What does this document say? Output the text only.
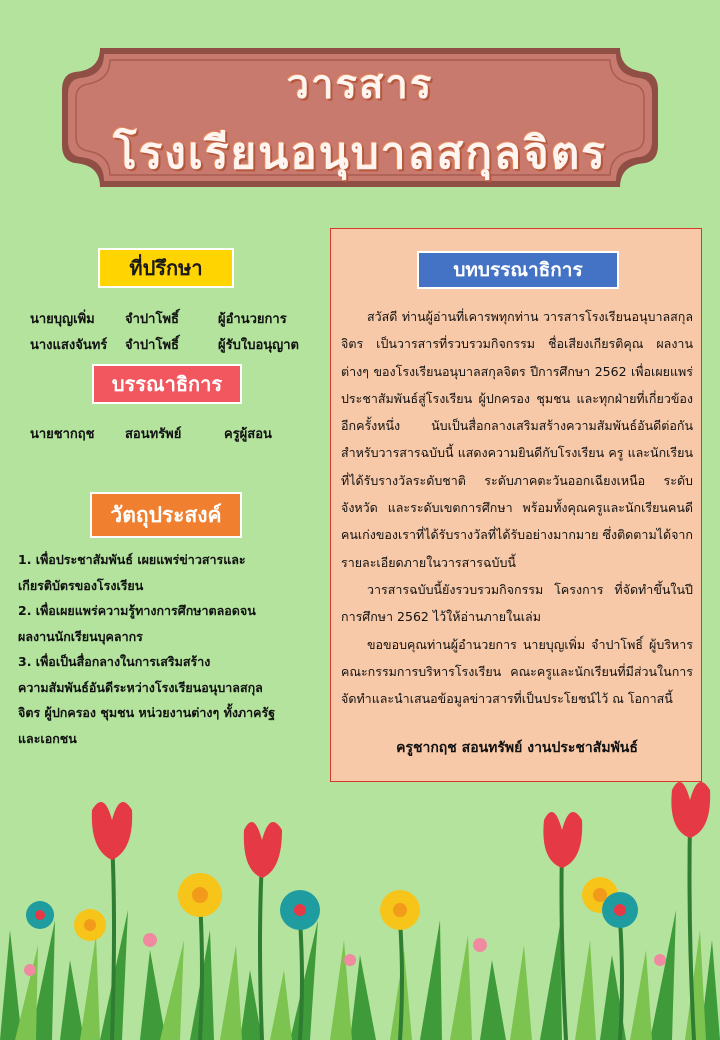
วารสาร
โรงเรียนอนุบาลสกุลจิตร
ที่ปรึกษา
นายบุญเพิ่ม จำปาโพธิ์	ผู้อำนวยการ
นางแสงจันทร์ จำปาโพธิ์	ผู้รับใบอนุญาต
บรรณาธิการ
นายชากฤช สอนทรัพย์	ครูผู้สอน
วัตถุประสงค์
1. เพื่อประชาสัมพันธ์ เผยแพร่ข่าวสารและ
เกียรติบัตรของโรงเรียน
2. เพื่อเผยแพร่ความรู้ทางการศึกษาตลอดจน
ผลงานนักเรียนบุคลากร
3. เพื่อเป็นสื่อกลางในการเสริมสร้าง
ความสัมพันธ์อันดีระหว่างโรงเรียนอนุบาลสกุล
จิตร ผู้ปกครอง ชุมชน หน่วยงานต่างๆ ทั้งภาครัฐ
และเอกชน
บทบรรณาธิการ

สวัสดี ท่านผู้อ่านที่เคารพทุกท่าน วารสารโรงเรียนอนุบาลสกุลจิตร เป็นวารสารที่รวบรวมกิจกรรม ชื่อเสียงเกียรติคุณ ผลงานต่างๆ ของโรงเรียนอนุบาลสกุลจิตร ปีการศึกษา 2562 เพื่อเผยแพร่ประชาสัมพันธ์สู่โรงเรียน ผู้ปกครอง ชุมชน และทุกฝ่ายที่เกี่ยวข้องอีกครั้งหนึ่ง นับเป็นสื่อกลางเสริมสร้างความสัมพันธ์อันดีต่อกัน สำหรับวารสารฉบับนี้ แสดงความยินดีกับโรงเรียน ครู และนักเรียนที่ได้รับรางวัลระดับชาติ ระดับภาคตะวันออกเฉียงเหนือ ระดับจังหวัด และระดับเขตการศึกษา พร้อมทั้งคุณครูและนักเรียนคนดี คนเก่งของเราที่ได้รับรางวัลที่ได้รับอย่างมากมาย ซึ่งติดตามได้จากรายละเอียดภายในวารสารฉบับนี้

วารสารฉบับนี้ยังรวบรวมกิจกรรม โครงการ ที่จัดทำขึ้นในปีการศึกษา 2562 ไว้ให้อ่านภายในเล่ม

ขอขอบคุณท่านผู้อำนวยการ นายบุญเพิ่ม จำปาโพธิ์ ผู้บริหาร คณะกรรมการบริหารโรงเรียน คณะครูและนักเรียนที่มีส่วนในการจัดทำและนำเสนอข้อมูลข่าวสารที่เป็นประโยชน์ไว้ ณ โอกาสนี้

ครูชากฤช สอนทรัพย์ งานประชาสัมพันธ์
